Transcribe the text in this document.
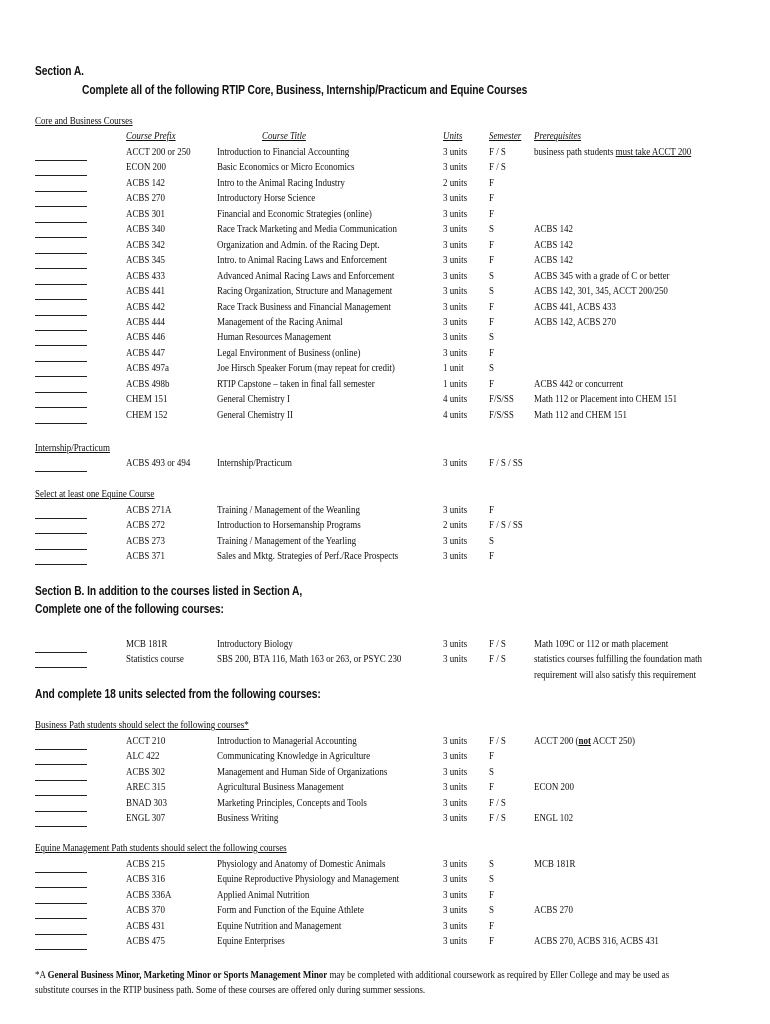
Section A.
Complete all of the following RTIP Core, Business, Internship/Practicum and Equine Courses
Core and Business Courses
Course Prefix	Course Title	Units	Semester Prerequisites
ACCT 200 or 250	Introduction to Financial Accounting	3 units F / S	business path students must take ACCT 200
ECON 200	Basic Economics or Micro Economics	3 units F / S
ACBS 142	Intro to the Animal Racing Industry	2 units F
ACBS 270	Introductory Horse Science	3 units F
ACBS 301	Financial and Economic Strategies (online)	3 units F
ACBS 340	Race Track Marketing and Media Communication	3 units S	ACBS 142
ACBS 342	Organization and Admin. of the Racing Dept.	3 units F	ACBS 142
ACBS 345	Intro. to Animal Racing Laws and Enforcement	3 units F	ACBS 142
ACBS 433	Advanced Animal Racing Laws and Enforcement	3 units S	ACBS 345 with a grade of C or better
ACBS 441	Racing Organization, Structure and Management	3 units S	ACBS 142, 301, 345, ACCT 200/250
ACBS 442	Race Track Business and Financial Management	3 units F	ACBS 441, ACBS 433
ACBS 444	Management of the Racing Animal	3 units F	ACBS 142, ACBS 270
ACBS 446	Human Resources Management	3 units S
ACBS 447	Legal Environment of Business (online)	3 units F
ACBS 497a	Joe Hirsch Speaker Forum (may repeat for credit)	1 unit S
ACBS 498b	RTIP Capstone – taken in final fall semester	1 units F	ACBS 442 or concurrent
CHEM 151	General Chemistry I	4 units F/S/SS Math 112 or Placement into CHEM 151
CHEM 152	General Chemistry II	4 units F/S/SS Math 112 and CHEM 151
Internship/Practicum
ACBS 493 or 494	Internship/Practicum	3 units F / S / SS
Select at least one Equine Course
ACBS 271A	Training / Management of the Weanling	3 units F
ACBS 272	Introduction to Horsemanship Programs	2 units F / S / SS
ACBS 273	Training / Management of the Yearling	3 units S
ACBS 371	Sales and Mktg. Strategies of Perf./Race Prospects	3 units F
Section B. In addition to the courses listed in Section A,
Complete one of the following courses:
MCB 181R	Introductory Biology	3 units F / S	Math 109C or 112 or math placement
Statistics course	SBS 200, BTA 116, Math 163 or 263, or PSYC 230	3 units F / S	statistics courses fulfilling the foundation math
requirement will also satisfy this requirement
And complete 18 units selected from the following courses:
Business Path students should select the following courses*
ACCT 210	Introduction to Managerial Accounting	3 units F / S	ACCT 200 (not ACCT 250)
ALC 422	Communicating Knowledge in Agriculture	3 units F
ACBS 302	Management and Human Side of Organizations	3 units S
AREC 315	Agricultural Business Management	3 units F	ECON 200
BNAD 303	Marketing Principles, Concepts and Tools	3 units F / S
ENGL 307	Business Writing	3 units F / S	ENGL 102
Equine Management Path students should select the following courses
ACBS 215	Physiology and Anatomy of Domestic Animals	3 units S	MCB 181R
ACBS 316	Equine Reproductive Physiology and Management	3 units S
ACBS 336A	Applied Animal Nutrition	3 units F
ACBS 370	Form and Function of the Equine Athlete	3 units S	ACBS 270
ACBS 431	Equine Nutrition and Management	3 units F
ACBS 475	Equine Enterprises	3 units F	ACBS 270, ACBS 316, ACBS 431
*A General Business Minor, Marketing Minor or Sports Management Minor may be completed with additional coursework as required by Eller College and may be used as
substitute courses in the RTIP business path. Some of these courses are offered only during summer sessions.
